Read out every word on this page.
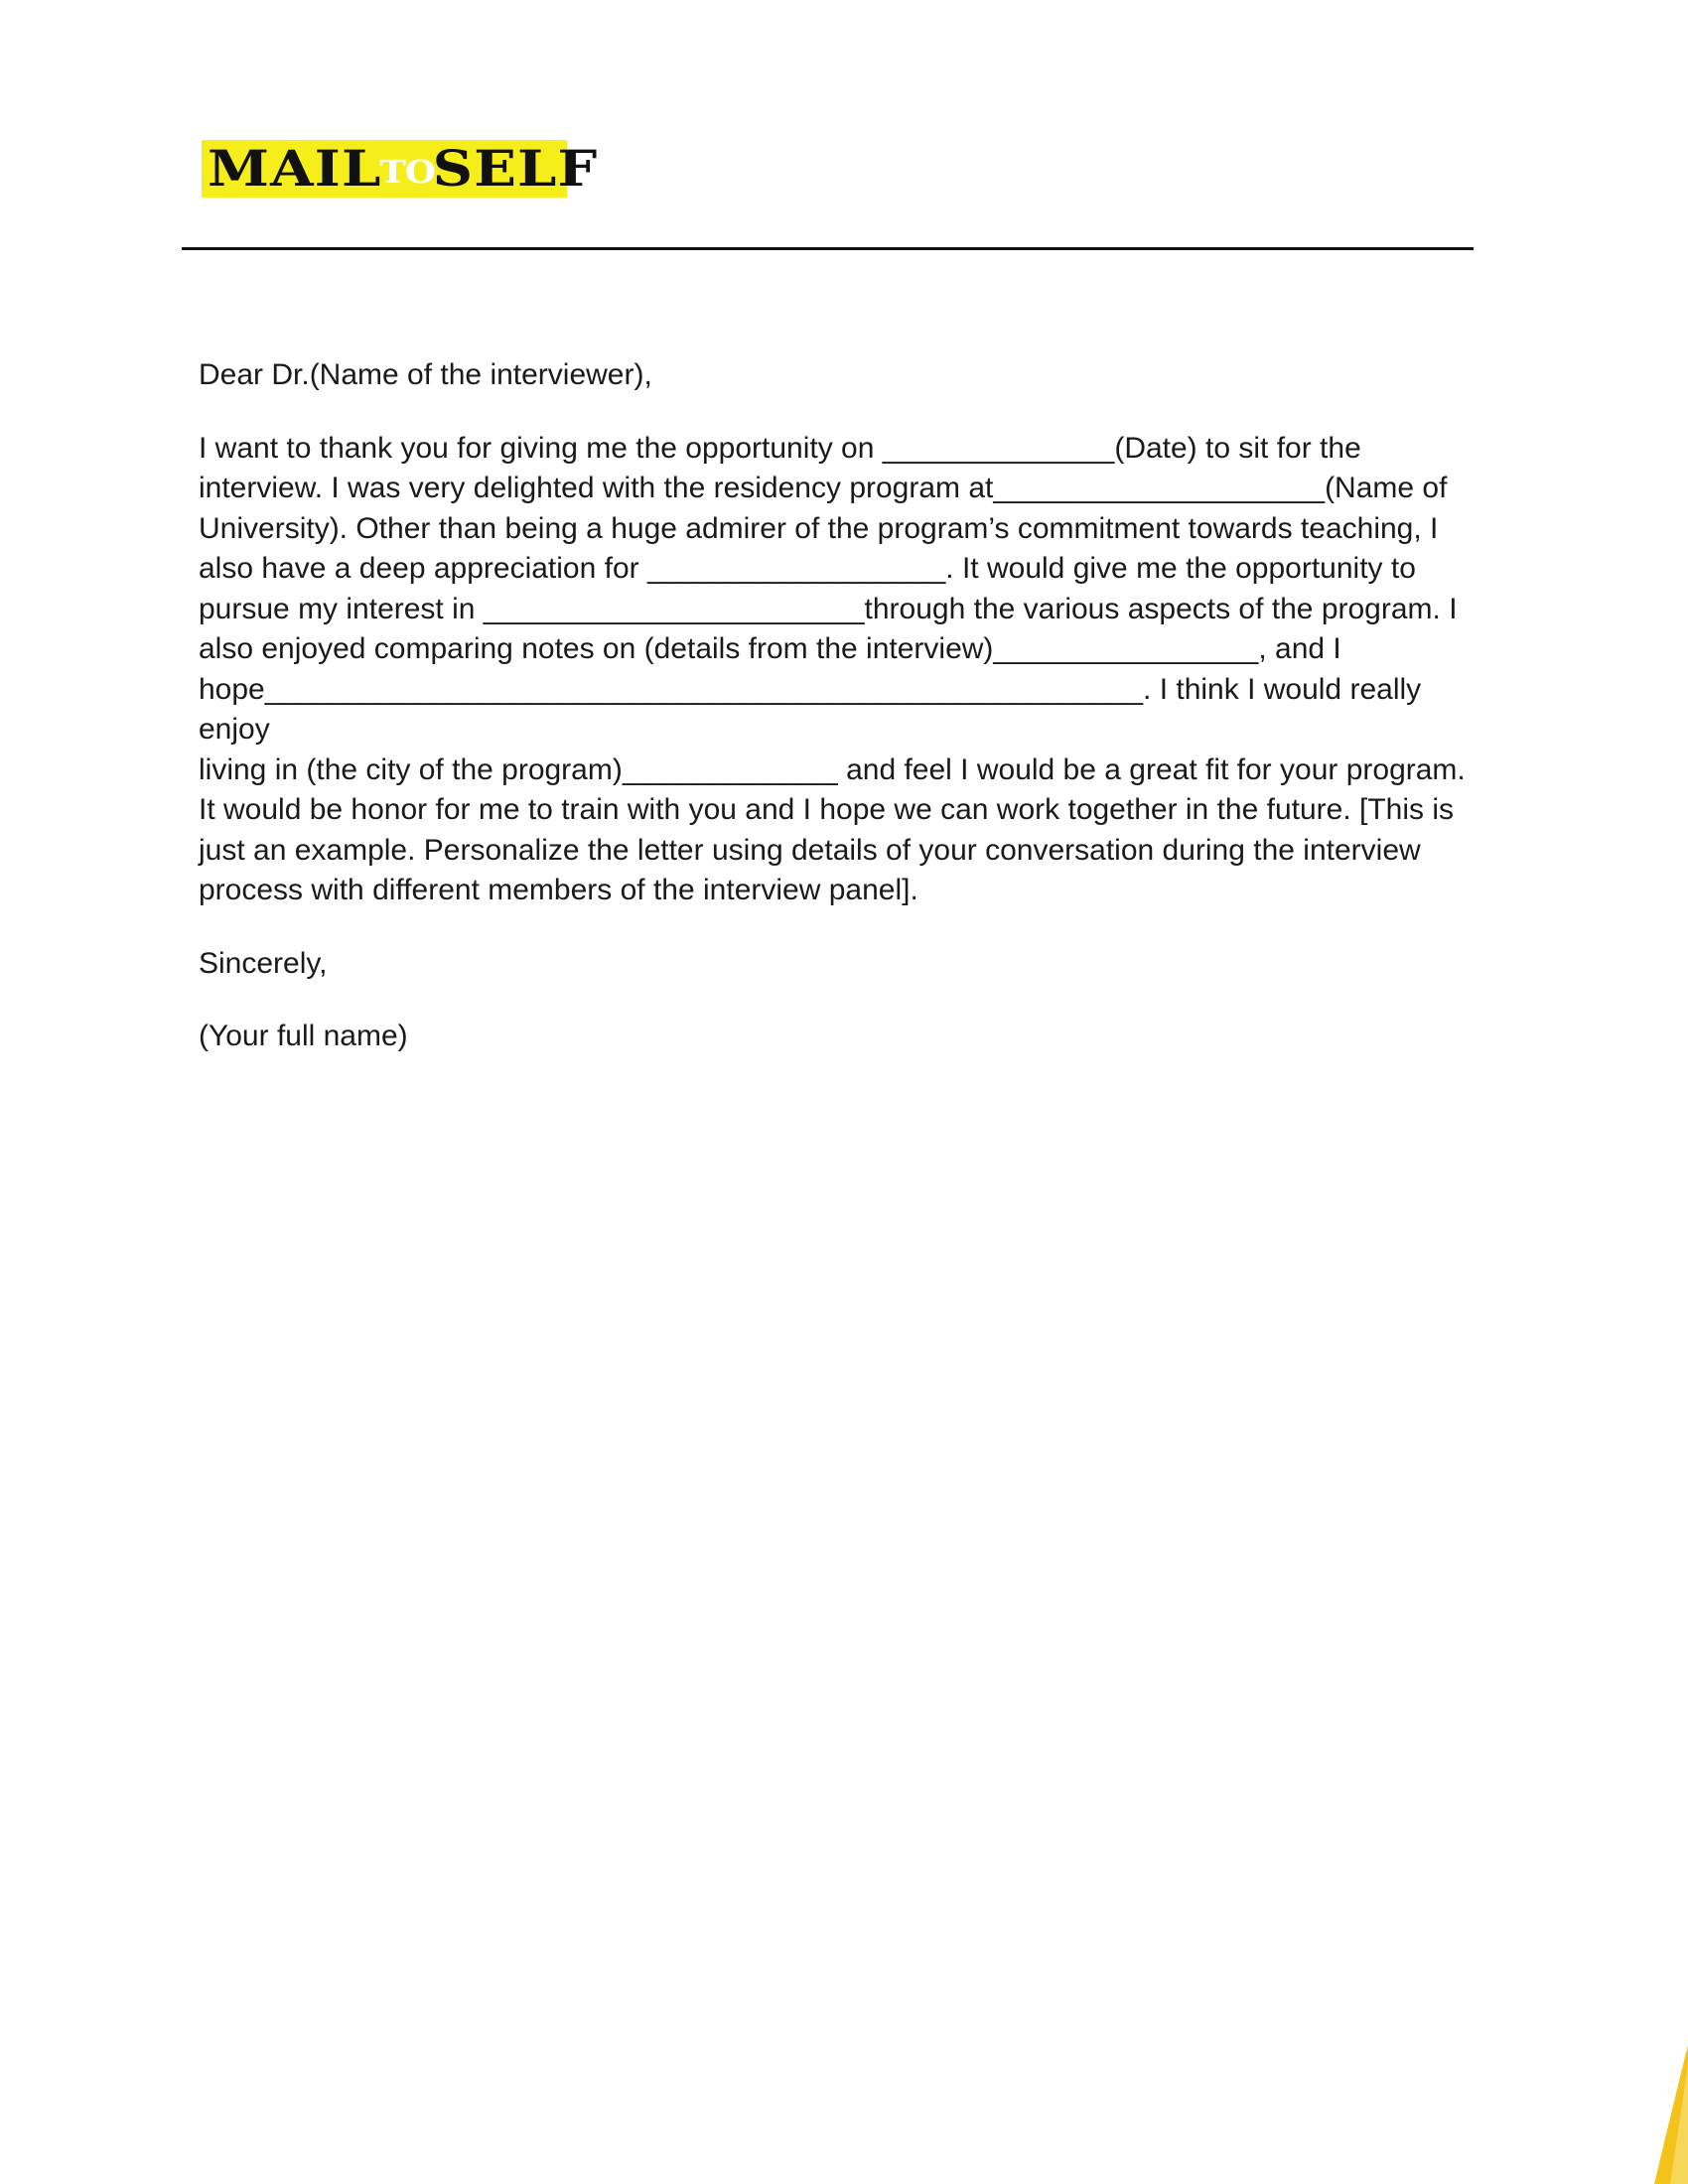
MAILTOSELF

Dear Dr.(Name of the interviewer),

I want to thank you for giving me the opportunity on ______________(Date) to sit for the

interview. I was very delighted with the residency program at____________________(Name of

University). Other than being a huge admirer of the program’s commitment towards teaching, I

also have a deep appreciation for __________________. It would give me the opportunity to

pursue my interest in _______________________through the various aspects of the program. I

also enjoyed comparing notes on (details from the interview)________________, and I

hope_____________________________________________________. I think I would really enjoy

living in (the city of the program)_____________ and feel I would be a great fit for your program.

It would be honor for me to train with you and I hope we can work together in the future. [This is

just an example. Personalize the letter using details of your conversation during the interview

process with different members of the interview panel].

Sincerely,

(Your full name)
